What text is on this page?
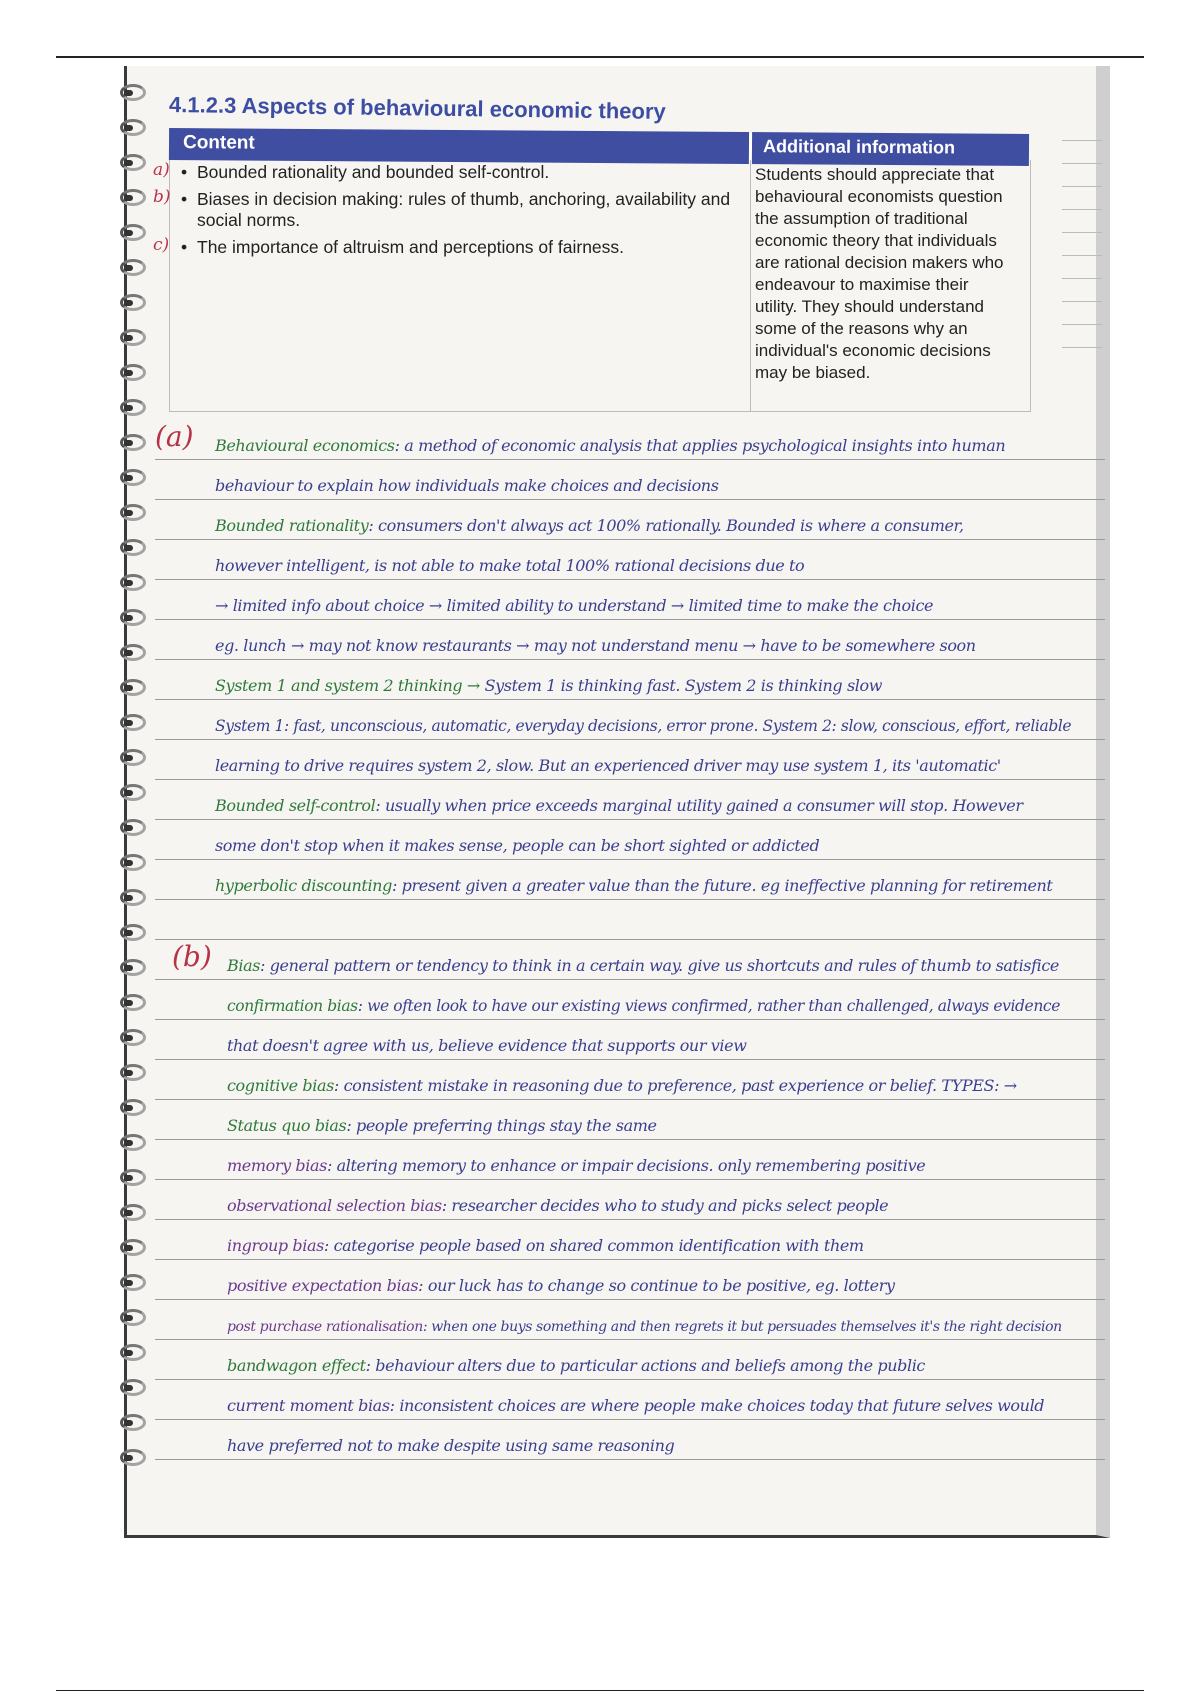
4.1.2.3 Aspects of behavioural economic theory
Content	Additional information
• a) Bounded rationality and bounded self-control.
• b) Biases in decision making: rules of thumb, anchoring, availability and social norms.
• c) The importance of altruism and perceptions of fairness.
Students should appreciate that behavioural economists question the assumption of traditional economic theory that individuals are rational decision makers who endeavour to maximise their utility. They should understand some of the reasons why an individual's economic decisions may be biased.
(a)
(b)
Behavioural economics: a method of economic analysis that applies psychological insights into human
behaviour to explain how individuals make choices and decisions
Bounded rationality: consumers don't always act 100% rationally. Bounded is where a consumer,
however intelligent, is not able to make total 100% rational decisions due to
→ limited info about choice → limited ability to understand → limited time to make the choice
eg. lunch → may not know restaurants → may not understand menu → have to be somewhere soon
System 1 and system 2 thinking → System 1 is thinking fast. System 2 is thinking slow
System 1: fast, unconscious, automatic, everyday decisions, error prone. System 2: slow, conscious, effort, reliable
learning to drive requires system 2, slow. But an experienced driver may use system 1, its 'automatic'
Bounded self-control: usually when price exceeds marginal utility gained a consumer will stop. However
some don't stop when it makes sense, people can be short sighted or addicted
hyperbolic discounting: present given a greater value than the future. eg ineffective planning for retirement
Bias: general pattern or tendency to think in a certain way. give us shortcuts and rules of thumb to satisfice
confirmation bias: we often look to have our existing views confirmed, rather than challenged, always evidence
that doesn't agree with us, believe evidence that supports our view
cognitive bias: consistent mistake in reasoning due to preference, past experience or belief. TYPES: →
Status quo bias: people preferring things stay the same
memory bias: altering memory to enhance or impair decisions. only remembering positive
observational selection bias: researcher decides who to study and picks select people
ingroup bias: categorise people based on shared common identification with them
positive expectation bias: our luck has to change so continue to be positive, eg. lottery
post purchase rationalisation: when one buys something and then regrets it but persuades themselves it's the right decision
bandwagon effect: behaviour alters due to particular actions and beliefs among the public
current moment bias: inconsistent choices are where people make choices today that future selves would
have preferred not to make despite using same reasoning
